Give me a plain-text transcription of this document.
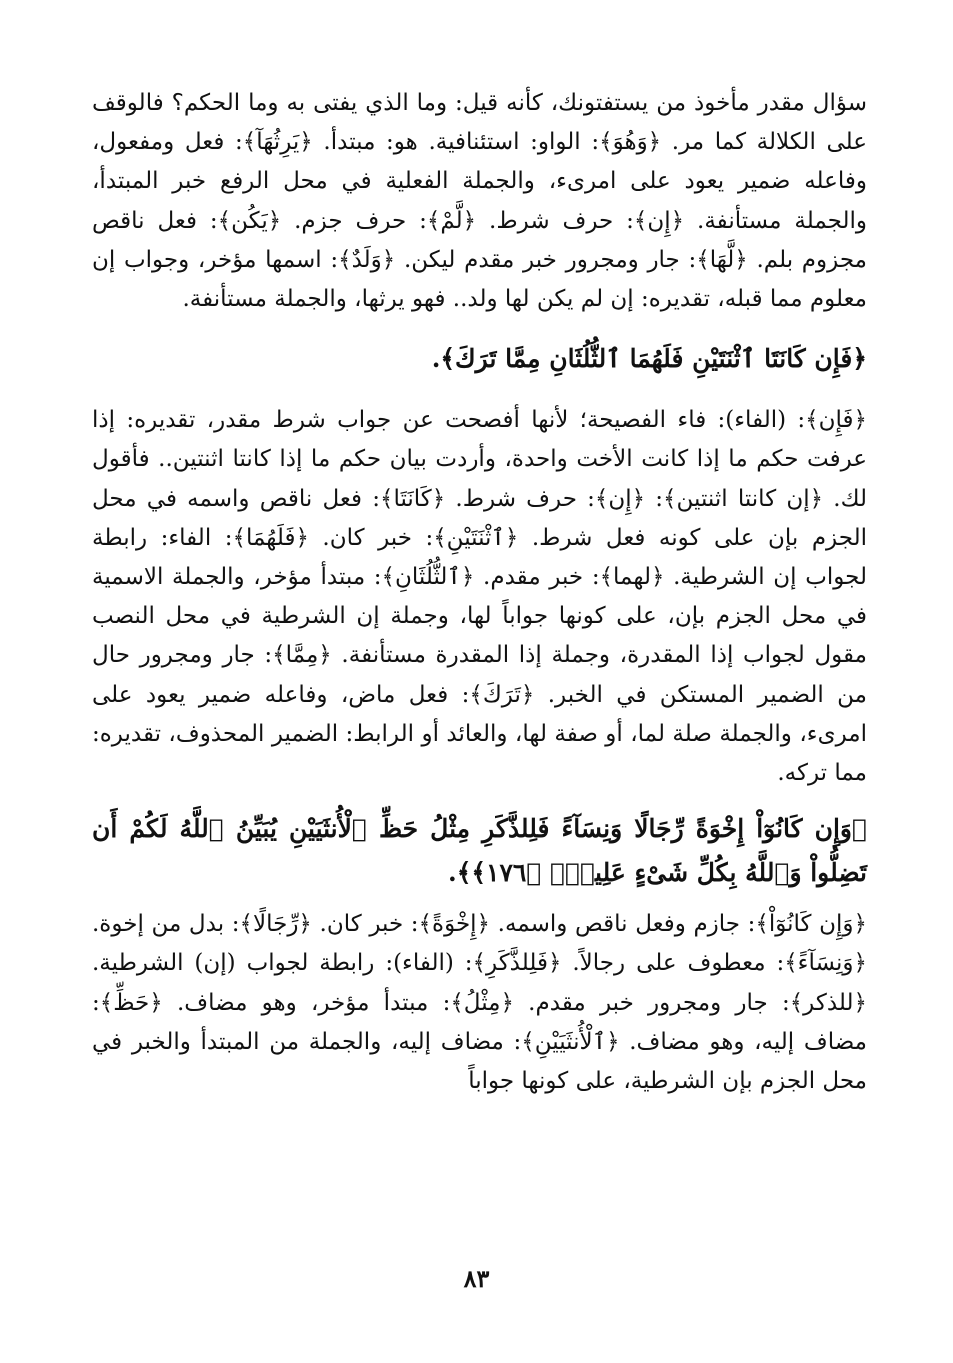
سؤال مقدر مأخوذ من يستفتونك، كأنه قيل: وما الذي يفتى به وما الحكم؟ فالوقف على الكلالة كما مر. ﴿وَهُوَ﴾: الواو: استئنافية. هو: مبتدأ. ﴿يَرِثُهَآ﴾: فعل ومفعول، وفاعله ضمير يعود على امرىء، والجملة الفعلية في محل الرفع خبر المبتدأ، والجملة مستأنفة. ﴿إِن﴾: حرف شرط. ﴿لَّمْ﴾: حرف جزم. ﴿يَكُن﴾: فعل ناقص مجزوم بلم. ﴿لَّهَا﴾: جار ومجرور خبر مقدم ليكن. ﴿وَلَدٌ﴾: اسمها مؤخر، وجواب إن معلوم مما قبله، تقديره: إن لم يكن لها ولد.. فهو يرثها، والجملة مستأنفة.

﴿فَإِن كَانَتَا ٱثْنَتَيْنِ فَلَهُمَا ٱلثُّلُثَانِ مِمَّا تَرَكَ﴾.

﴿فَإِن﴾: (الفاء): فاء الفصيحة؛ لأنها أفصحت عن جواب شرط مقدر، تقديره: إذا عرفت حكم ما إذا كانت الأخت واحدة، وأردت بيان حكم ما إذا كانتا اثنتين.. فأقول لك. ﴿إن كانتا اثنتين﴾: ﴿إِن﴾: حرف شرط. ﴿كَانَتَا﴾: فعل ناقص واسمه في محل الجزم بإن على كونه فعل شرط. ﴿ٱثْنَتَيْنِ﴾: خبر كان. ﴿فَلَهُمَا﴾: الفاء: رابطة لجواب إن الشرطية. ﴿لهما﴾: خبر مقدم. ﴿ٱلثُّلُثَانِ﴾: مبتدأ مؤخر، والجملة الاسمية في محل الجزم بإن، على كونها جواباً لها، وجملة إن الشرطية في محل النصب مقول لجواب إذا المقدرة، وجملة إذا المقدرة مستأنفة. ﴿مِمَّا﴾: جار ومجرور حال من الضمير المستكن في الخبر. ﴿تَرَكَ﴾: فعل ماض، وفاعله ضمير يعود على امرىء، والجملة صلة لما، أو صفة لها، والعائد أو الرابط: الضمير المحذوف، تقديره: مما تركه.

﴿وَإِن كَانُوٓاْ إِخْوَةً رِّجَالًا وَنِسَآءً فَلِلذَّكَرِ مِثْلُ حَظِّ ٱلْأُنثَيَيْنِ يُبَيِّنُ ٱللَّهُ لَكُمْ أَن تَضِلُّواْ وَٱللَّهُ بِكُلِّ شَىْءٍ عَلِيمٌۢ ﴿١٧٦﴾﴾.

﴿وَإِن كَانُوٓاْ﴾: جازم وفعل ناقص واسمه. ﴿إِخْوَةً﴾: خبر كان. ﴿رِّجَالًا﴾: بدل من إخوة. ﴿وَنِسَآءً﴾: معطوف على رجالاً. ﴿فَلِلذَّكَرِ﴾: (الفاء): رابطة لجواب (إن) الشرطية. ﴿للذكر﴾: جار ومجرور خبر مقدم. ﴿مِثْلُ﴾: مبتدأ مؤخر، وهو مضاف. ﴿حَظِّ﴾: مضاف إليه، وهو مضاف. ﴿ٱلْأُنثَيَيْنِ﴾: مضاف إليه، والجملة من المبتدأ والخبر في محل الجزم بإن الشرطية، على كونها جواباً

٨٣
